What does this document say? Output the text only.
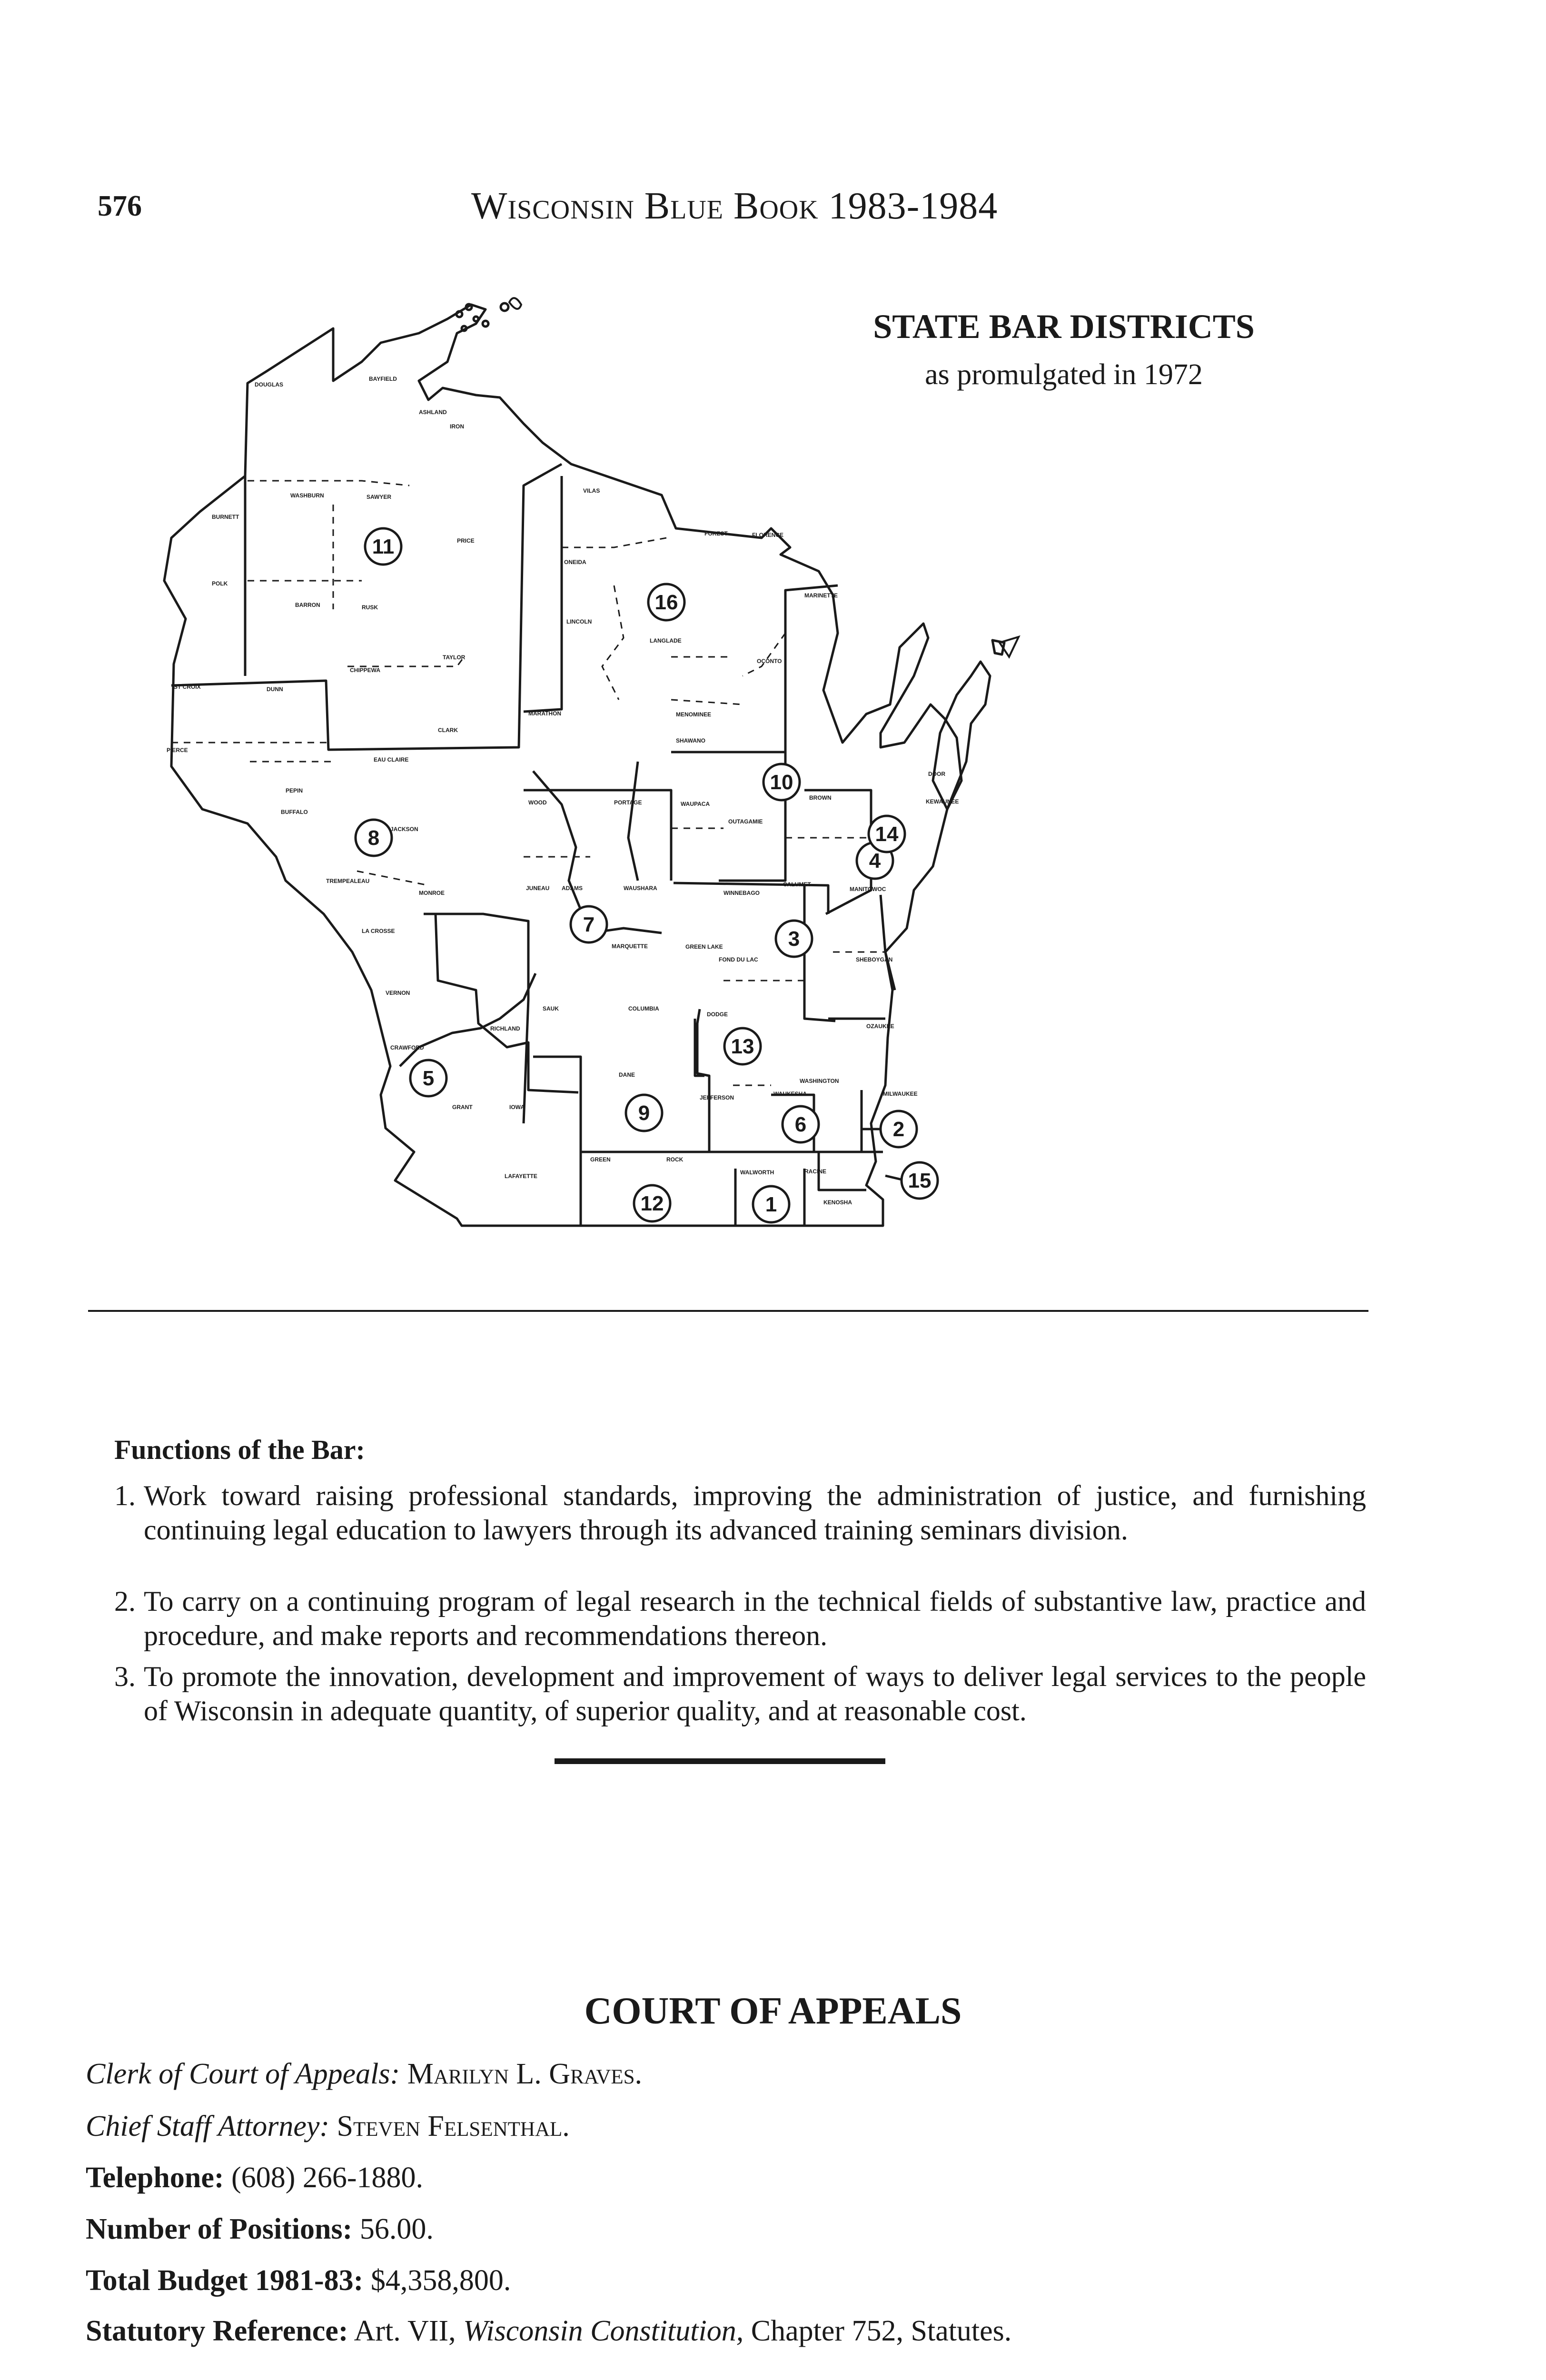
576	Wisconsin Blue Book 1983-1984
STATE BAR DISTRICTS
as promulgated in 1972
1
2
3
4
5
6
7
8
9
10
11
12
13
14
15
16
DOUGLAS
BAYFIELD
ASHLAND
IRON
WASHBURN	SAWYER
BURNETT
PRICE
VILAS
FOREST	FLORENCE
ONEIDA
MARINETTE
POLK
BARRON	RUSK
LINCOLN
LANGLADE
TAYLOR
OCONTO
CHIPPEWA
ST CROIX	DUNN
MENOMINEE
MARATHON
SHAWANO
CLARK
PIERCE
EAU CLAIRE
DOOR
PEPIN
BUFFALO
WOOD	PORTAGE	WAUPACA	KEWAUNEE
OUTAGAMIE
BROWN
JACKSON
TREMPEALEAU
JUNEAU ADAMS	WAUSHARA
WINNEBAGO
CALUMET
MANITOWOC
MONROE
LA CROSSE
MARQUETTE	GREEN LAKE
FOND DU LAC	SHEBOYGAN
VERNON
SAUK	COLUMBIA
DODGE
OZAUKEE
RICHLAND
CRAWFORD
WASHINGTON
DANE
JEFFERSON
WAUKESHA	MILWAUKEE
GRANT	IOWA
GREEN	ROCK
WALWORTH	RACINE
LAFAYETTE
KENOSHA
Functions of the Bar:
1. Work toward raising professional standards, improving the administration of justice, and furnishing continuing legal education to lawyers through its advanced training seminars division.
2. To carry on a continuing program of legal research in the technical fields of substantive law, practice and procedure, and make reports and recommendations thereon.
3. To promote the innovation, development and improvement of ways to deliver legal services to the people of Wisconsin in adequate quantity, of superior quality, and at reasonable cost.
COURT OF APPEALS
Clerk of Court of Appeals: Marilyn L. Graves.
Chief Staff Attorney: Steven Felsenthal.
Telephone: (608) 266-1880.
Number of Positions: 56.00.
Total Budget 1981-83: $4,358,800.
Statutory Reference: Art. VII, Wisconsin Constitution, Chapter 752, Statutes.
